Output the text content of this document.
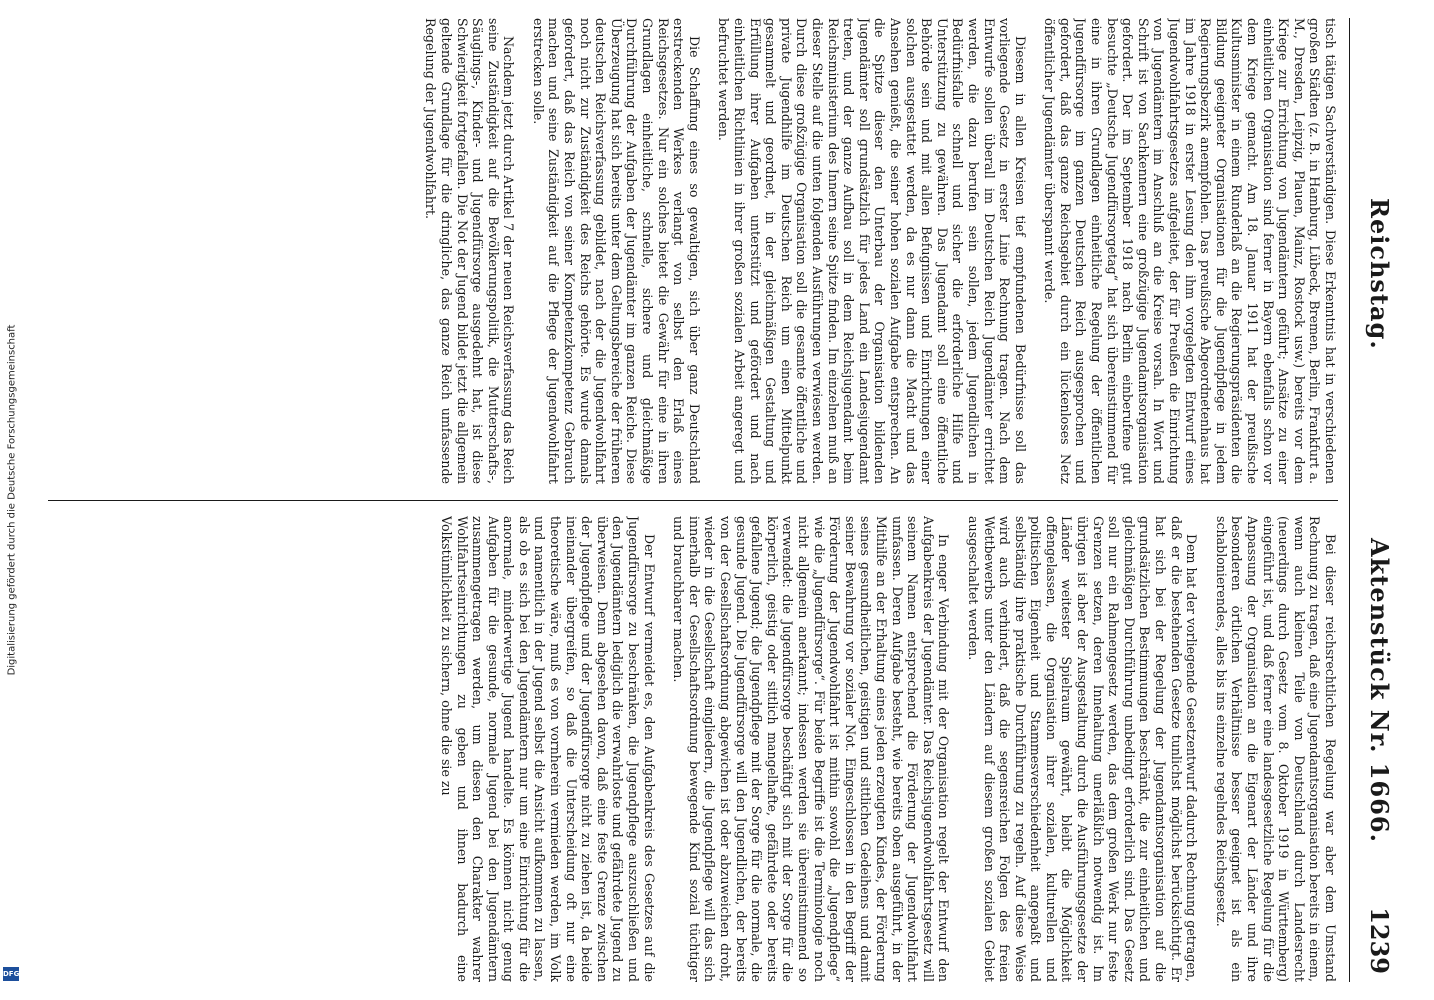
Digitalisierung gefördert durch die Deutsche Forschungsgemeinschaft
DFG
Reichstag.
Aktenstück Nr. 1666.
1239

tisch tätigen Sachverständigen. Diese Erkenntnis hat in verschiedenen großen Städten (z. B. in Hamburg, Lübeck, Bremen, Berlin, Frankfurt a. M., Dresden, Leipzig, Plauen, Mainz, Rostock usw.) bereits vor dem Kriege zur Errichtung von Jugendämtern geführt; Ansätze zu einer einheitlichen Organisation sind ferner in Bayern ebenfalls schon vor dem Kriege gemacht. Am 18. Januar 1911 hat der preußische Kultusminister in einem Runderlaß an die Regierungspräsidenten die Bildung geeigneter Organisationen für die Jugendpflege in jedem Regierungsbezirk anempfohlen. Das preußische Abgeordnetenhaus hat im Jahre 1918 in erster Lesung den ihm vorgelegten Entwurf eines Jugendwohlfahrtsgesetzes aufgeleitet, der für Preußen die Einrichtung von Jugendämtern im Anschluß an die Kreise vorsah. In Wort und Schrift ist von Sachkennern eine großzügige Jugendamtsorganisation gefordert. Der im September 1918 nach Berlin einberufene gut besuchte „Deutsche Jugendfürsorgetag“ hat sich übereinstimmend für eine in ihren Grundlagen einheitliche Regelung der öffentlichen Jugendfürsorge im ganzen Deutschen Reich ausgesprochen und gefordert, daß das ganze Reichsgebiet durch ein lückenloses Netz öffentlicher Jugendämter überspannt werde.

Diesem in allen Kreisen tief empfundenen Bedürfnisse soll das vorliegende Gesetz in erster Linie Rechnung tragen. Nach dem Entwurfe sollen überall im Deutschen Reich Jugendämter errichtet werden, die dazu berufen sein sollen, jedem Jugendlichen in Bedürfnisfalle schnell und sicher die erforderliche Hilfe und Unterstützung zu gewähren. Das Jugendamt soll eine öffentliche Behörde sein und mit allen Befugnissen und Einrichtungen einer solchen ausgestattet werden, da es nur dann die Macht und das Ansehen genießt, die seiner hohen sozialen Aufgabe entsprechen. An die Spitze dieser den Unterbau der Organisation bildenden Jugendämter soll grundsätzlich für jedes Land ein Landesjugendamt treten, und der ganze Aufbau soll in dem Reichsjugendamt beim Reichsministerium des Innern seine Spitze finden. Im einzelnen muß an dieser Stelle auf die unten folgenden Ausführungen verwiesen werden. Durch diese großzügige Organisation soll die gesamte öffentliche und private Jugendhilfe im Deutschen Reich um einen Mittelpunkt gesammelt und geordnet, in der gleichmäßigen Gestaltung und Erfüllung ihrer Aufgaben unterstützt und gefördert und nach einheitlichen Richtlinien in ihrer großen sozialen Arbeit angeregt und befruchtet werden.

Die Schaffung eines so gewaltigen, sich über ganz Deutschland erstreckenden Werkes verlangt von selbst den Erlaß eines Reichsgesetzes. Nur ein solches bietet die Gewähr für eine in ihren Grundlagen einheitliche, schnelle, sichere und gleichmäßige Durchführung der Aufgaben der Jugendämter im ganzen Reiche. Diese Überzeugung hat sich bereits unter dem Geltungsbereiche der früheren deutschen Reichsverfassung gebildet, nach der die Jugendwohlfahrt noch nicht zur Zuständigkeit des Reichs gehörte. Es wurde damals gefordert, daß das Reich von seiner Kompetenzkompetenz Gebrauch machen und seine Zuständigkeit auf die Pflege der Jugendwohlfahrt erstrecken solle.

Nachdem jetzt durch Artikel 7 der neuen Reichsverfassung das Reich seine Zuständigkeit auf die Bevölkerungspolitik, die Mutterschafts-, Säuglings-, Kinder- und Jugendfürsorge ausgedehnt hat, ist diese Schwierigkeit fortgefallen. Die Not der Jugend bildet jetzt die allgemein geltende Grundlage für die dringliche, das ganze Reich umfassende Regelung der Jugendwohlfahrt.

Bei dieser reichsrechtlichen Regelung war aber dem Umstand Rechnung zu tragen, daß eine Jugendamtsorganisation bereits in einem, wenn auch kleinen Teile von Deutschland durch Landesrecht (neuerdings durch Gesetz vom 8. Oktober 1919 in Württemberg) eingeführt ist, und daß ferner eine landesgesetzliche Regelung für die Anpassung der Organisation an die Eigenart der Länder und ihre besonderen örtlichen Verhältnisse besser geeignet ist als ein schablonierendes, alles bis ins einzelne regelndes Reichsgesetz.

Dem hat der vorliegende Gesetzentwurf dadurch Rechnung getragen, daß er die bestehenden Gesetze tunlichst möglichst berücksichtigt. Er hat sich bei der Regelung der Jugendamtsorganisation auf die grundsätzlichen Bestimmungen beschränkt, die zur einheitlichen und gleichmäßigen Durchführung unbedingt erforderlich sind. Das Gesetz soll nur ein Rahmengesetz werden, das dem großen Werk nur feste Grenzen setzen, deren Innehaltung unerläßlich notwendig ist. Im übrigen ist aber der Ausgestaltung durch die Ausführungsgesetze der Länder weitester Spielraum gewährt, bleibt die Möglichkeit offengelassen, die Organisation ihrer sozialen, kulturellen und politischen Eigenheit und Stammesverschiedenheit angepaßt und selbständig ihre praktische Durchführung zu regeln. Auf diese Weise wird auch verhindert, daß die segensreichen Folgen des freien Wettbewerbs unter den Ländern auf diesem großen sozialen Gebiet ausgeschaltet werden.

In enger Verbindung mit der Organisation regelt der Entwurf den Aufgabenkreis der Jugendämter. Das Reichsjugendwohlfahrtsgesetz will seinem Namen entsprechend die Förderung der Jugendwohlfahrt umfassen. Deren Aufgabe besteht, wie bereits oben ausgeführt, in der Mithilfe an der Erhaltung eines jeden erzeugten Kindes, der Förderung seines gesundheitlichen, geistigen und sittlichen Gedeihens und damit seiner Bewahrung vor sozialer Not. Eingeschlossen in den Begriff der Förderung der Jugendwohlfahrt ist mithin sowohl die „Jugendpflege“ wie die „Jugendfürsorge“. Für beide Begriffe ist die Terminologie noch nicht allgemein anerkannt; indessen werden sie übereinstimmend so verwendet: die Jugendfürsorge beschäftigt sich mit der Sorge für die körperlich, geistig oder sittlich mangelhafte, gefährdete oder bereits gefallene Jugend; die Jugendpflege mit der Sorge für die normale, die gesunde Jugend. Die Jugendfürsorge will den Jugendlichen, der bereits von der Gesellschaftsordnung abgewichen ist oder abzuweichen droht, wieder in die Gesellschaft eingliedern, die Jugendpflege will das sich innerhalb der Gesellschaftsordnung bewegende Kind sozial tüchtiger und brauchbarer machen.

Der Entwurf vermeidet es, den Aufgabenkreis des Gesetzes auf die Jugendfürsorge zu beschränken, die Jugendpflege auszuschließen und den Jugendämtern lediglich die verwahrloste und gefährdete Jugend zu überweisen. Denn abgesehen davon, daß eine feste Grenze zwischen der Jugendpflege und der Jugendfürsorge nicht zu ziehen ist, da beide ineinander übergreifen, so daß die Unterscheidung oft nur eine theoretische wäre, muß es von vornherein vermieden werden, im Volk und namentlich in der Jugend selbst die Ansicht aufkommen zu lassen, als ob es sich bei den Jugendämtern nur um eine Einrichtung für die anormale, minderwertige Jugend handelte. Es können nicht genug Aufgaben für die gesunde, normale Jugend bei den Jugendämtern zusammengetragen werden, um diesen den Charakter wahrer Wohlfahrtseinrichtungen zu geben und ihnen badurch eine Volkstümlichkeit zu sichern, ohne die sie zu
